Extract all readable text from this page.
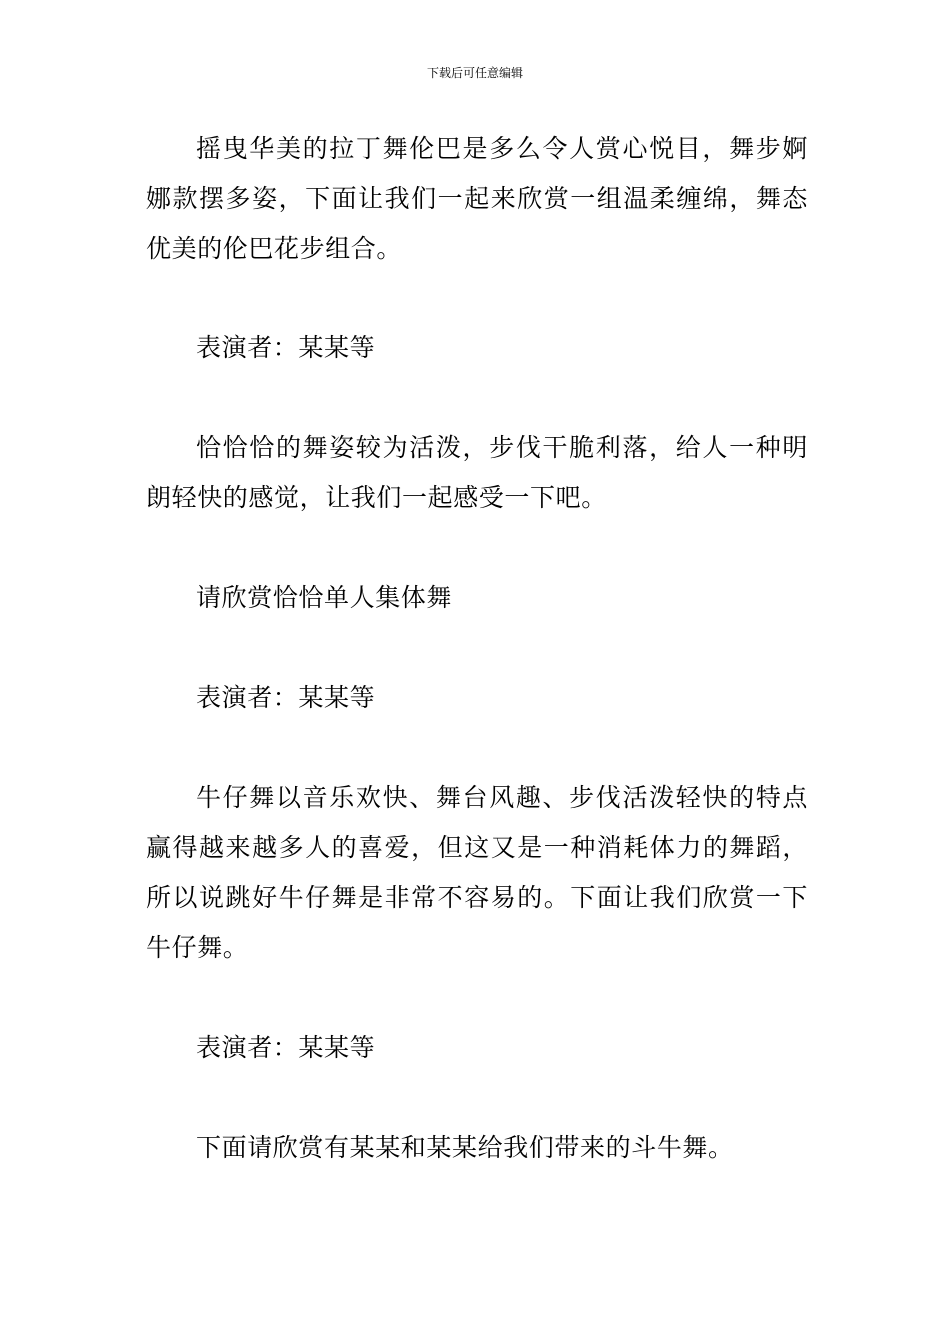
下载后可任意编辑

摇曳华美的拉丁舞伦巴是多么令人赏心悦目，舞步婀娜款摆多姿，下面让我们一起来欣赏一组温柔缠绵，舞态优美的伦巴花步组合。

表演者：某某等

恰恰恰的舞姿较为活泼，步伐干脆利落，给人一种明朗轻快的感觉，让我们一起感受一下吧。

请欣赏恰恰单人集体舞

表演者：某某等

牛仔舞以音乐欢快、舞台风趣、步伐活泼轻快的特点赢得越来越多人的喜爱，但这又是一种消耗体力的舞蹈，所以说跳好牛仔舞是非常不容易的。下面让我们欣赏一下牛仔舞。

表演者：某某等

下面请欣赏有某某和某某给我们带来的斗牛舞。
